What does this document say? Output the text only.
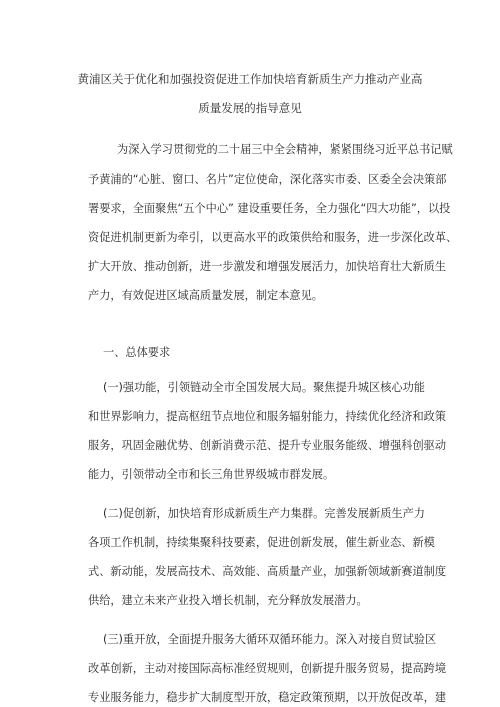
黄浦区关于优化和加强投资促进工作加快培育新质生产力推动产业高
质量发展的指导意见
为深入学习贯彻党的二十届三中全会精神，紧紧围绕习近平总书记赋
予黄浦的“心脏、窗口、名片”定位使命，深化落实市委、区委全会决策部
署要求，全面聚焦“五个中心” 建设重要任务，全力强化“四大功能”，以投
资促进机制更新为牵引，以更高水平的政策供给和服务，进一步深化改革、
扩大开放、推动创新，进一步激发和增强发展活力，加快培育壮大新质生
产力，有效促进区域高质量发展，制定本意见。
一、总体要求
(一)强功能，引领链动全市全国发展大局。聚焦提升城区核心功能
和世界影响力，提高枢纽节点地位和服务辐射能力，持续优化经济和政策
服务，巩固金融优势、创新消费示范、提升专业服务能级、增强科创驱动
能力，引领带动全市和长三角世界级城市群发展。
(二)促创新，加快培育形成新质生产力集群。完善发展新质生产力
各项工作机制，持续集聚科技要素，促进创新发展，催生新业态、新模
式、新动能，发展高技术、高效能、高质量产业，加强新领域新赛道制度
供给，建立未来产业投入增长机制，充分释放发展潜力。
(三)重开放，全面提升服务大循环双循环能力。深入对接自贸试验区
改革创新，主动对接国际高标准经贸规则，创新提升服务贸易，提高跨境
专业服务能力，稳步扩大制度型开放，稳定政策预期，以开放促改革，建
